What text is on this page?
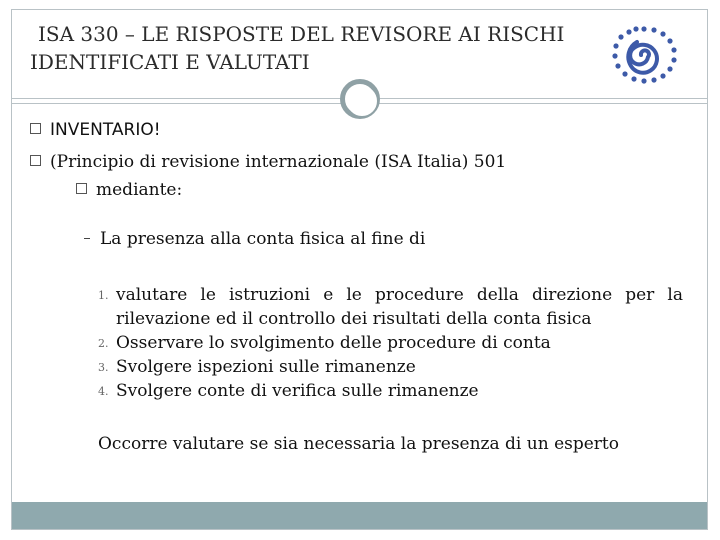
ISA 330 – LE RISPOSTE DEL REVISORE AI RISCHI
IDENTIFICATI E VALUTATI
INVENTARIO!
(Principio di revisione internazionale (ISA Italia) 501
mediante:
La presenza alla conta fisica al fine di
1. valutare le istruzioni e le procedure della direzione per la rilevazione ed il controllo dei risultati della conta fisica
2. Osservare lo svolgimento delle procedure di conta
3. Svolgere ispezioni sulle rimanenze
4. Svolgere conte di verifica sulle rimanenze
Occorre valutare se sia necessaria la presenza di un esperto
